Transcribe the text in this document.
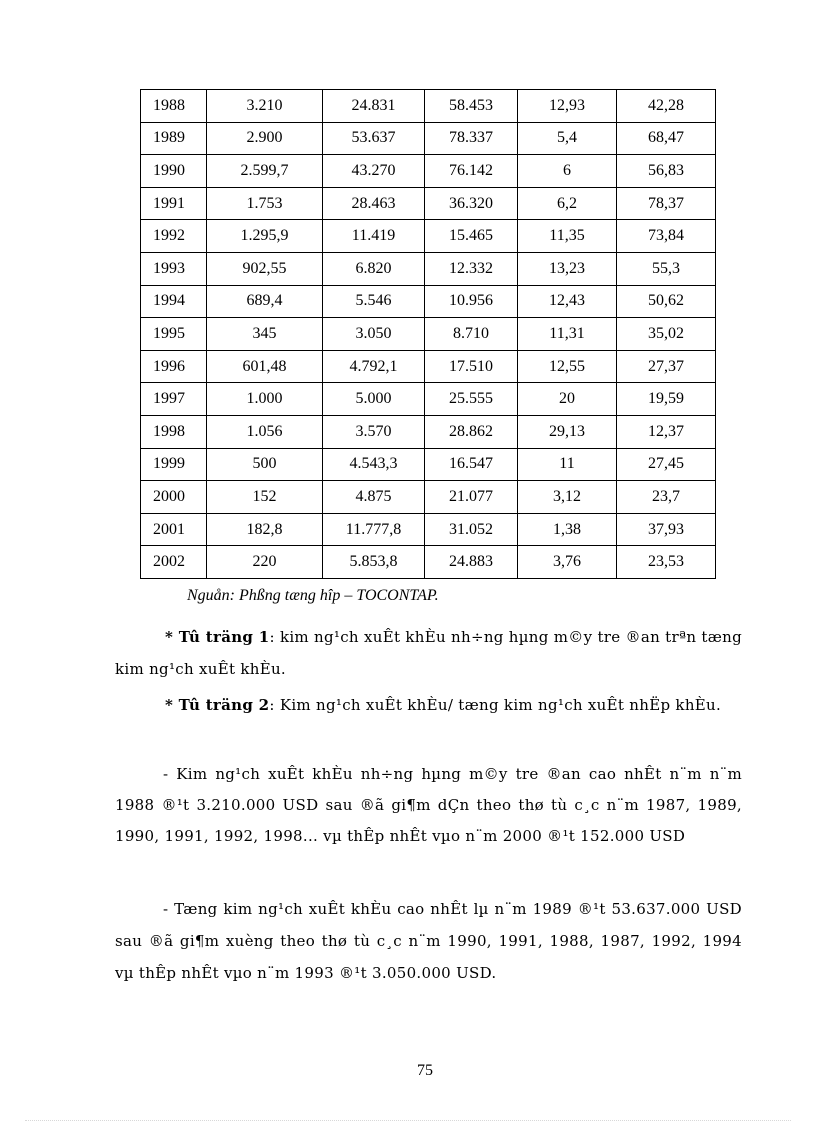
1988	3.210	24.831	58.453	12,93	42,28
1989	2.900	53.637	78.337	5,4	68,47
1990	2.599,7	43.270	76.142	6	56,83
1991	1.753	28.463	36.320	6,2	78,37
1992	1.295,9	11.419	15.465	11,35	73,84
1993	902,55	6.820	12.332	13,23	55,3
1994	689,4	5.546	10.956	12,43	50,62
1995	345	3.050	8.710	11,31	35,02
1996	601,48	4.792,1	17.510	12,55	27,37
1997	1.000	5.000	25.555	20	19,59
1998	1.056	3.570	28.862	29,13	12,37
1999	500	4.543,3	16.547	11	27,45
2000	152	4.875	21.077	3,12	23,7
2001	182,8	11.777,8	31.052	1,38	37,93
2002	220	5.853,8	24.883	3,76	23,53
Nguån: Phßng tæng hîp – TOCONTAP.
* Tû träng 1: kim ng¹ch xuÊt khÈu nh÷ng hµng m©y tre ®an trªn tæng kim ng¹ch xuÊt khÈu.
* Tû träng 2: Kim ng¹ch xuÊt khÈu/ tæng kim ng¹ch xuÊt nhËp khÈu.
- Kim ng¹ch xuÊt khÈu nh÷ng hµng m©y tre ®an cao nhÊt n¨m n¨m 1988 ®¹t 3.210.000 USD sau ®ã gi¶m dÇn theo thø tù c¸c n¨m 1987, 1989, 1990, 1991, 1992, 1998... vµ thÊp nhÊt vµo n¨m 2000 ®¹t 152.000 USD
- Tæng kim ng¹ch xuÊt khÈu cao nhÊt lµ n¨m 1989 ®¹t 53.637.000 USD sau ®ã gi¶m xuèng theo thø tù c¸c n¨m 1990, 1991, 1988, 1987, 1992, 1994 vµ thÊp nhÊt vµo n¨m 1993 ®¹t 3.050.000 USD.
75
